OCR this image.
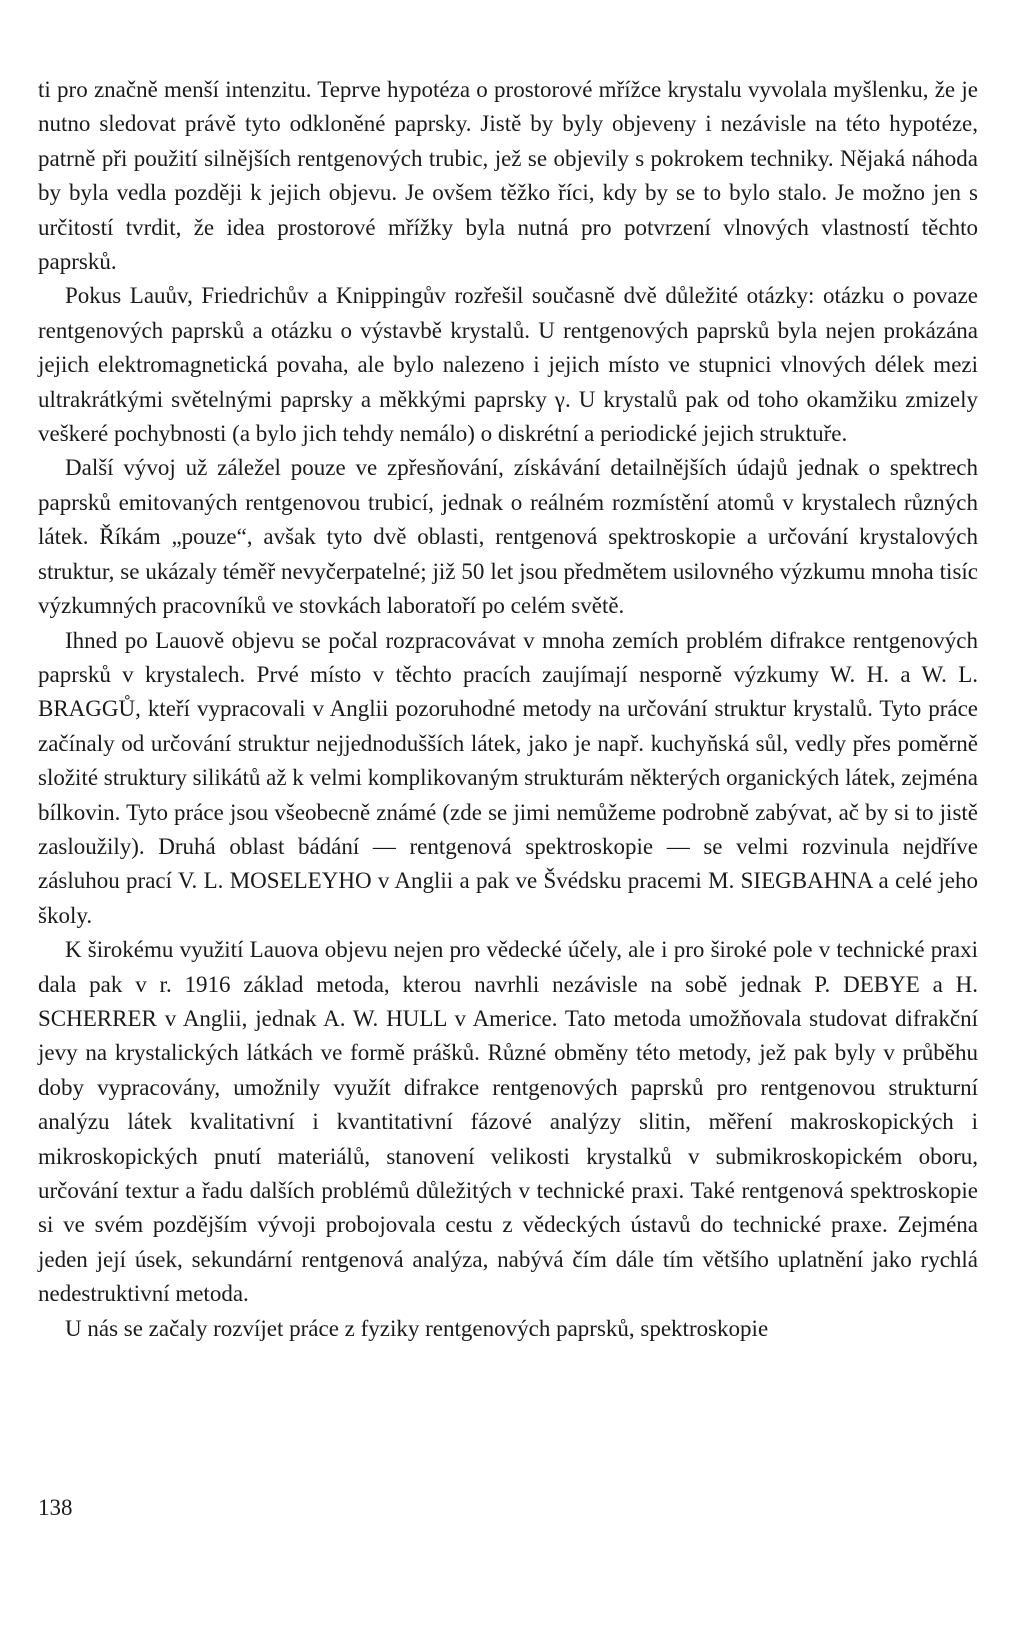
ti pro značně menší intenzitu. Teprve hypotéza o prostorové mřížce krystalu vyvolala myšlenku, že je nutno sledovat právě tyto odkloněné paprsky. Jistě by byly objeveny i nezávisle na této hypotéze, patrně při použití silnějších rentgenových trubic, jež se objevily s pokrokem techniky. Nějaká náhoda by byla vedla později k jejich objevu. Je ovšem těžko říci, kdy by se to bylo stalo. Je možno jen s určitostí tvrdit, že idea prostorové mřížky byla nutná pro potvrzení vlnových vlastností těchto paprsků.

Pokus Lauův, Friedrichův a Knippingův rozřešil současně dvě důležité otázky: otázku o povaze rentgenových paprsků a otázku o výstavbě krystalů. U rentgenových paprsků byla nejen prokázána jejich elektromagnetická povaha, ale bylo nalezeno i jejich místo ve stupnici vlnových délek mezi ultrakrátkými světelnými paprsky a měkkými paprsky γ. U krystalů pak od toho okamžiku zmizely veškeré pochybnosti (a bylo jich tehdy nemálo) o diskrétní a periodické jejich struktuře.

Další vývoj už záležel pouze ve zpřesňování, získávání detailnějších údajů jednak o spektrech paprsků emitovaných rentgenovou trubicí, jednak o reálném rozmístění atomů v krystalech různých látek. Říkám „pouze“, avšak tyto dvě oblasti, rentgenová spektroskopie a určování krystalových struktur, se ukázaly téměř nevyčerpatelné; již 50 let jsou předmětem usilovného výzkumu mnoha tisíc výzkumných pracovníků ve stovkách laboratoří po celém světě.

Ihned po Lauově objevu se počal rozpracovávat v mnoha zemích problém difrakce rentgenových paprsků v krystalech. Prvé místo v těchto pracích zaujímají nesporně výzkumy W. H. a W. L. BRAGGŮ, kteří vypracovali v Anglii pozoruhodné metody na určování struktur krystalů. Tyto práce začínaly od určování struktur nejjednodušších látek, jako je např. kuchyňská sůl, vedly přes poměrně složité struktury silikátů až k velmi komplikovaným strukturám některých organických látek, zejména bílkovin. Tyto práce jsou všeobecně známé (zde se jimi nemůžeme podrobně zabývat, ač by si to jistě zasloužily). Druhá oblast bádání — rentgenová spektroskopie — se velmi rozvinula nejdříve zásluhou prací V. L. MOSELEYHO v Anglii a pak ve Švédsku pracemi M. SIEGBAHNA a celé jeho školy.

K širokému využití Lauova objevu nejen pro vědecké účely, ale i pro široké pole v technické praxi dala pak v r. 1916 základ metoda, kterou navrhli nezávisle na sobě jednak P. DEBYE a H. SCHERRER v Anglii, jednak A. W. HULL v Americe. Tato metoda umožňovala studovat difrakční jevy na krystalických látkách ve formě prášků. Různé obměny této metody, jež pak byly v průběhu doby vypracovány, umožnily využít difrakce rentgenových paprsků pro rentgenovou strukturní analýzu látek kvalitativní i kvantitativní fázové analýzy slitin, měření makroskopických i mikroskopických pnutí materiálů, stanovení velikosti krystalků v submikroskopickém oboru, určování textur a řadu dalších problémů důležitých v technické praxi. Také rentgenová spektroskopie si ve svém pozdějším vývoji probojovala cestu z vědeckých ústavů do technické praxe. Zejména jeden její úsek, sekundární rentgenová analýza, nabývá čím dále tím většího uplatnění jako rychlá nedestruktivní metoda.

U nás se začaly rozvíjet práce z fyziky rentgenových paprsků, spektroskopie

138
